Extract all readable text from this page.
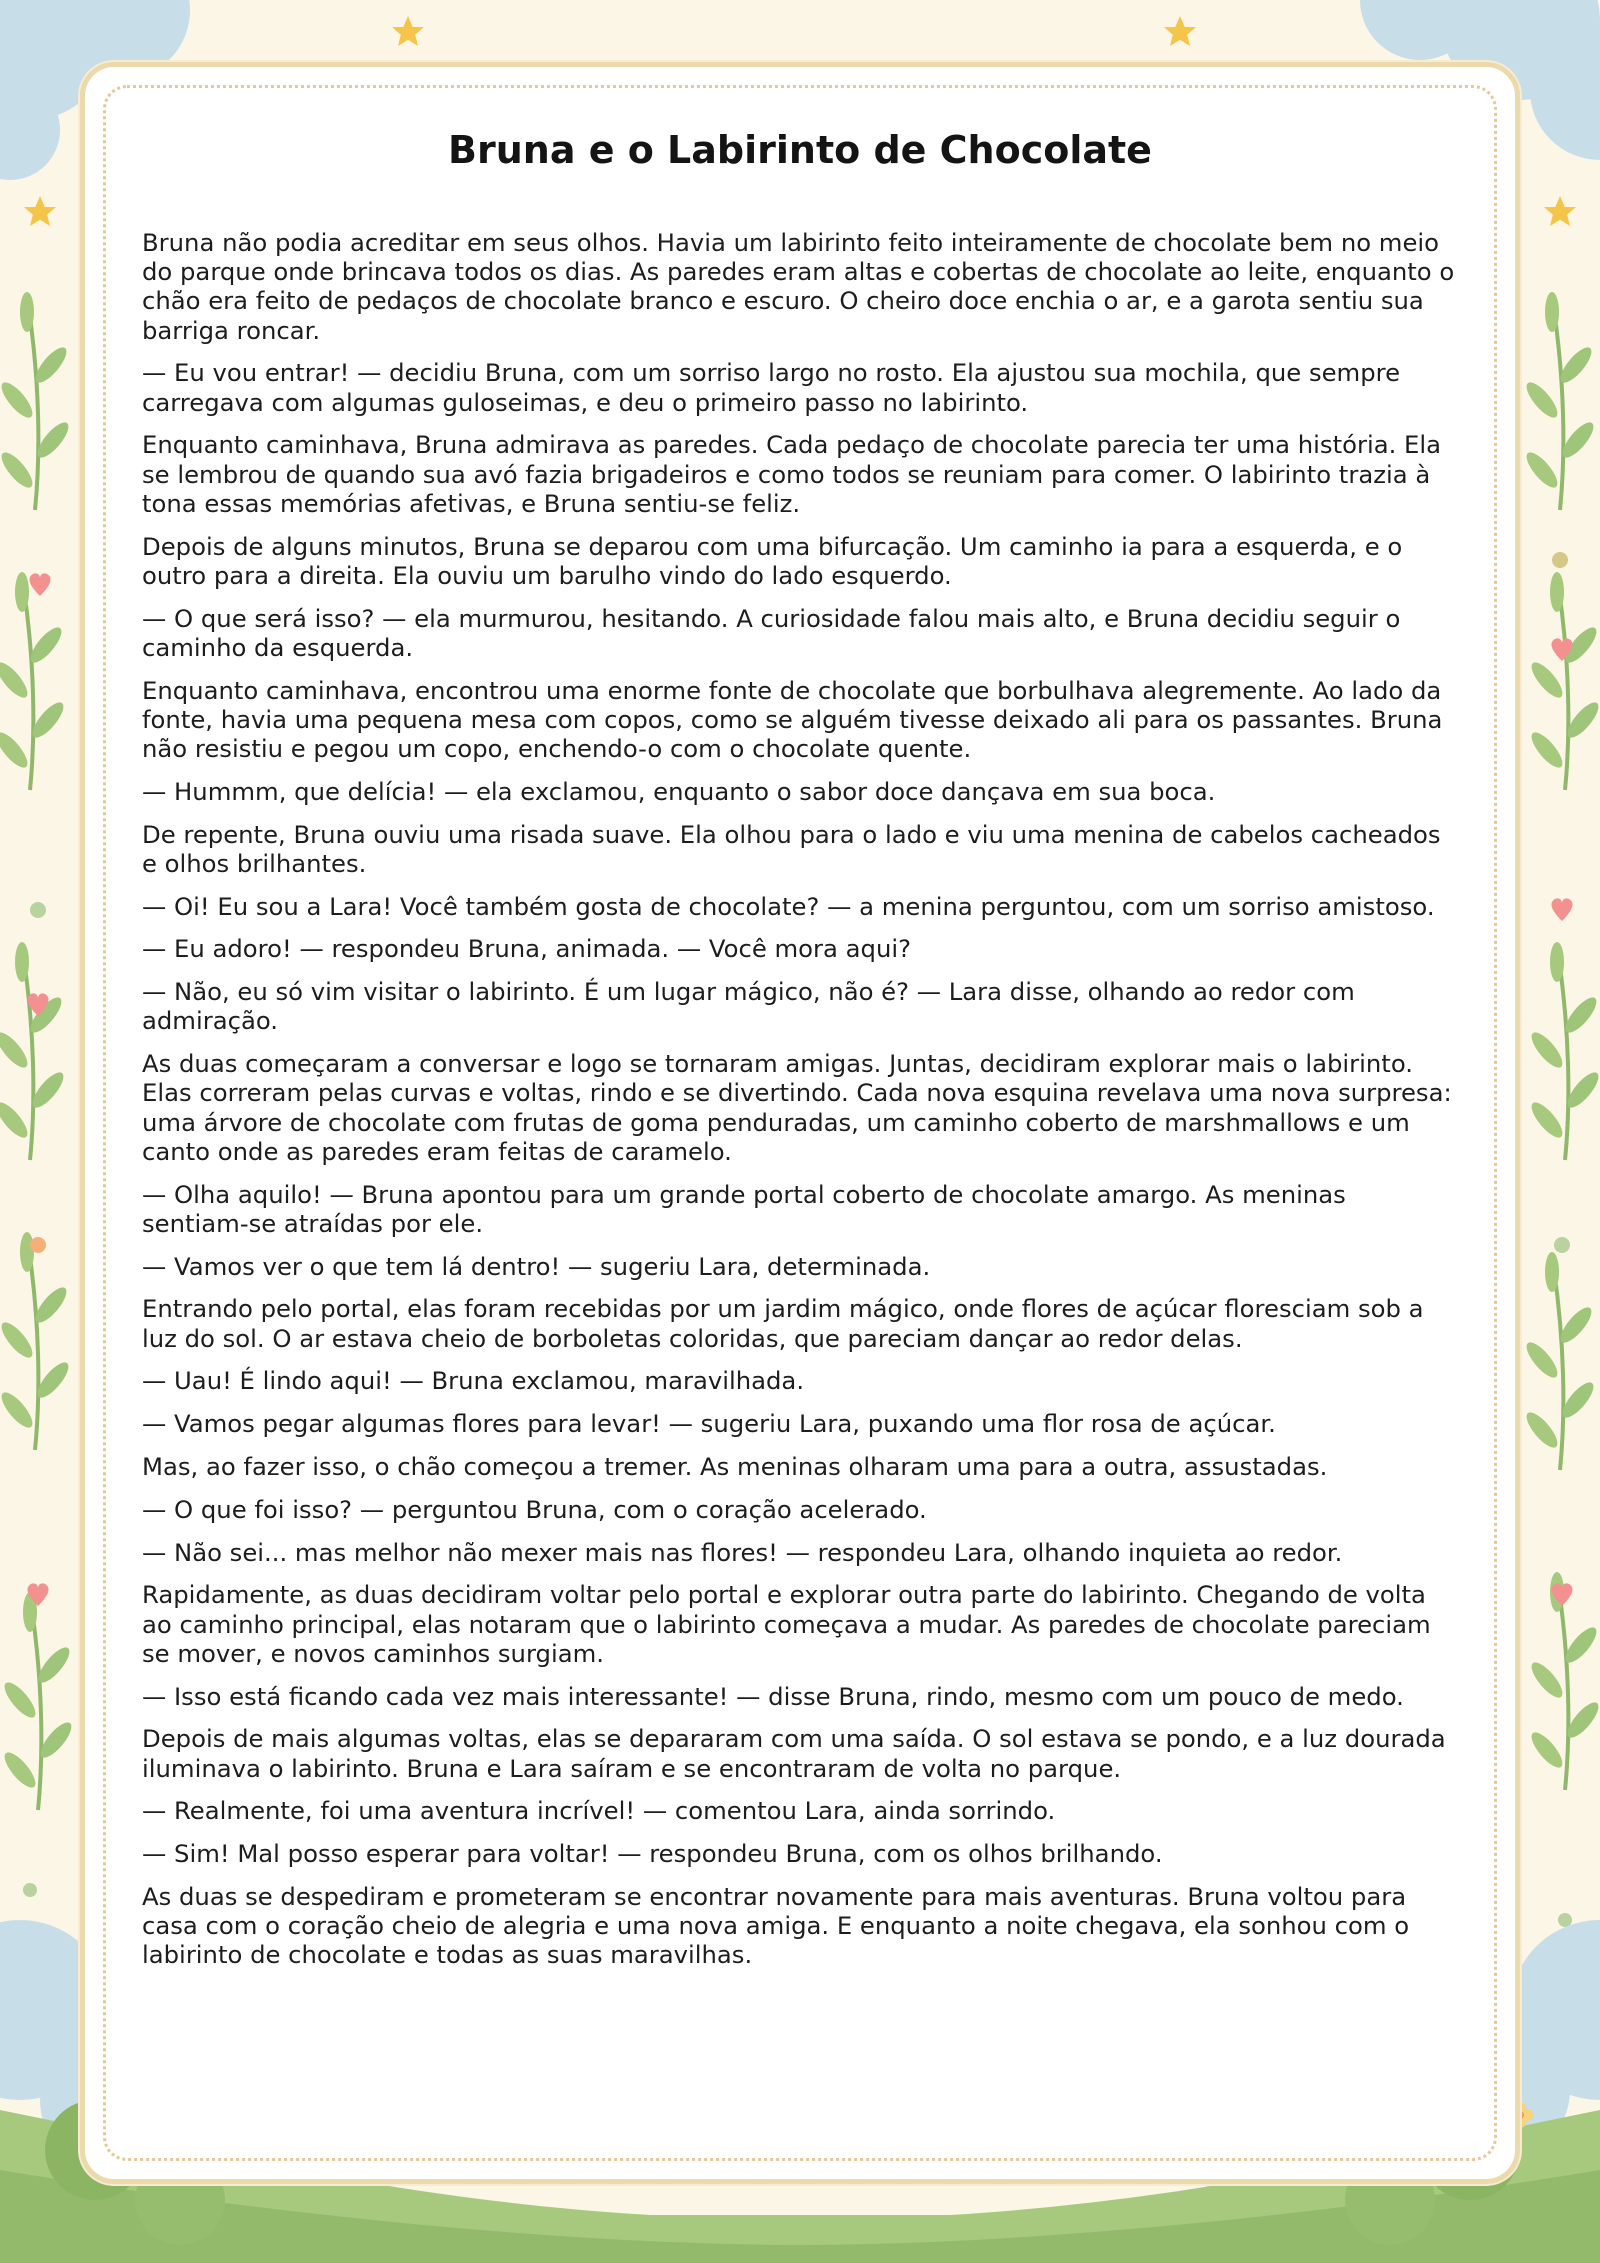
Bruna e o Labirinto de Chocolate

Bruna não podia acreditar em seus olhos. Havia um labirinto feito inteiramente de chocolate bem no meio do parque onde brincava todos os dias. As paredes eram altas e cobertas de chocolate ao leite, enquanto o chão era feito de pedaços de chocolate branco e escuro. O cheiro doce enchia o ar, e a garota sentiu sua barriga roncar.

— Eu vou entrar! — decidiu Bruna, com um sorriso largo no rosto. Ela ajustou sua mochila, que sempre carregava com algumas guloseimas, e deu o primeiro passo no labirinto.

Enquanto caminhava, Bruna admirava as paredes. Cada pedaço de chocolate parecia ter uma história. Ela se lembrou de quando sua avó fazia brigadeiros e como todos se reuniam para comer. O labirinto trazia à tona essas memórias afetivas, e Bruna sentiu-se feliz.

Depois de alguns minutos, Bruna se deparou com uma bifurcação. Um caminho ia para a esquerda, e o outro para a direita. Ela ouviu um barulho vindo do lado esquerdo.

— O que será isso? — ela murmurou, hesitando. A curiosidade falou mais alto, e Bruna decidiu seguir o caminho da esquerda.

Enquanto caminhava, encontrou uma enorme fonte de chocolate que borbulhava alegremente. Ao lado da fonte, havia uma pequena mesa com copos, como se alguém tivesse deixado ali para os passantes. Bruna não resistiu e pegou um copo, enchendo-o com o chocolate quente.

— Hummm, que delícia! — ela exclamou, enquanto o sabor doce dançava em sua boca.

De repente, Bruna ouviu uma risada suave. Ela olhou para o lado e viu uma menina de cabelos cacheados e olhos brilhantes.

— Oi! Eu sou a Lara! Você também gosta de chocolate? — a menina perguntou, com um sorriso amistoso.

— Eu adoro! — respondeu Bruna, animada. — Você mora aqui?

— Não, eu só vim visitar o labirinto. É um lugar mágico, não é? — Lara disse, olhando ao redor com admiração.

As duas começaram a conversar e logo se tornaram amigas. Juntas, decidiram explorar mais o labirinto. Elas correram pelas curvas e voltas, rindo e se divertindo. Cada nova esquina revelava uma nova surpresa: uma árvore de chocolate com frutas de goma penduradas, um caminho coberto de marshmallows e um canto onde as paredes eram feitas de caramelo.

— Olha aquilo! — Bruna apontou para um grande portal coberto de chocolate amargo. As meninas sentiam-se atraídas por ele.

— Vamos ver o que tem lá dentro! — sugeriu Lara, determinada.

Entrando pelo portal, elas foram recebidas por um jardim mágico, onde flores de açúcar floresciam sob a luz do sol. O ar estava cheio de borboletas coloridas, que pareciam dançar ao redor delas.

— Uau! É lindo aqui! — Bruna exclamou, maravilhada.

— Vamos pegar algumas flores para levar! — sugeriu Lara, puxando uma flor rosa de açúcar.

Mas, ao fazer isso, o chão começou a tremer. As meninas olharam uma para a outra, assustadas.

— O que foi isso? — perguntou Bruna, com o coração acelerado.

— Não sei... mas melhor não mexer mais nas flores! — respondeu Lara, olhando inquieta ao redor.

Rapidamente, as duas decidiram voltar pelo portal e explorar outra parte do labirinto. Chegando de volta ao caminho principal, elas notaram que o labirinto começava a mudar. As paredes de chocolate pareciam se mover, e novos caminhos surgiam.

— Isso está ficando cada vez mais interessante! — disse Bruna, rindo, mesmo com um pouco de medo.

Depois de mais algumas voltas, elas se depararam com uma saída. O sol estava se pondo, e a luz dourada iluminava o labirinto. Bruna e Lara saíram e se encontraram de volta no parque.

— Realmente, foi uma aventura incrível! — comentou Lara, ainda sorrindo.

— Sim! Mal posso esperar para voltar! — respondeu Bruna, com os olhos brilhando.

As duas se despediram e prometeram se encontrar novamente para mais aventuras. Bruna voltou para casa com o coração cheio de alegria e uma nova amiga. E enquanto a noite chegava, ela sonhou com o labirinto de chocolate e todas as suas maravilhas.
